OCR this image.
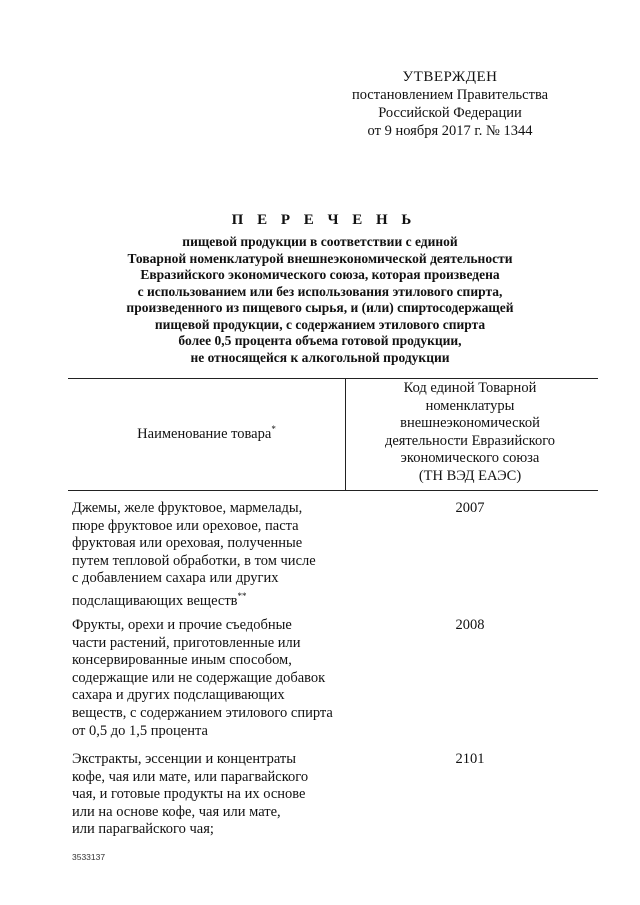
УТВЕРЖДЕН
постановлением Правительства
Российской Федерации
от 9 ноября 2017 г. № 1344
П Е Р Е Ч Е Н Ь
пищевой продукции в соответствии с единой
Товарной номенклатурой внешнеэкономической деятельности
Евразийского экономического союза, которая произведена
с использованием или без использования этилового спирта,
произведенного из пищевого сырья, и (или) спиртосодержащей
пищевой продукции, с содержанием этилового спирта
более 0,5 процента объема готовой продукции,
не относящейся к алкогольной продукции
Наименование товара*
Код единой Товарной
номенклатуры
внешнеэкономической
деятельности Евразийского
экономического союза
(ТН ВЭД ЕАЭС)
Джемы, желе фруктовое, мармелады,
пюре фруктовое или ореховое, паста
фруктовая или ореховая, полученные
путем тепловой обработки, в том числе
с добавлением сахара или других
подслащивающих веществ**
2007
Фрукты, орехи и прочие съедобные
части растений, приготовленные или
консервированные иным способом,
содержащие или не содержащие добавок
сахара и других подслащивающих
веществ, с содержанием этилового спирта
от 0,5 до 1,5 процента
2008
Экстракты, эссенции и концентраты
кофе, чая или мате, или парагвайского
чая, и готовые продукты на их основе
или на основе кофе, чая или мате,
или парагвайского чая;
2101
3533137
